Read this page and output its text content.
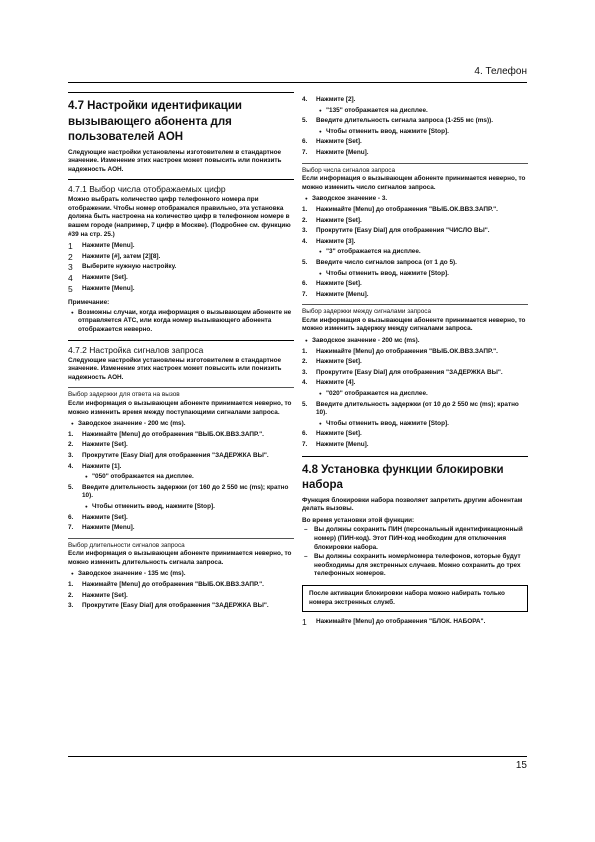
4. Телефон
4.7 Настройки идентификации вызывающего абонента для пользователей АОН

Следующие настройки установлены изготовителем в стандартное значение. Изменение этих настроек может повысить или понизить надежность АОН.

4.7.1 Выбор числа отображаемых цифр

Можно выбрать количество цифр телефонного номера при отображении. Чтобы номер отображался правильно, эта установка должна быть настроена на количество цифр в телефонном номере в вашем городе (например, 7 цифр в Москве). (Подробнее см. функцию #39 на стр. 25.)

1 Нажмите [Menu].
2 Нажмите [#], затем [2][8].
3 Выберите нужную настройку.
4 Нажмите [Set].
5 Нажмите [Menu].
Примечание:
● Возможны случаи, когда информация о вызывающем абоненте не отправляется АТС, или когда номер вызывающего абонента отображается неверно.
4.7.2 Настройка сигналов запроса

Следующие настройки установлены изготовителем в стандартное значение. Изменение этих настроек может повысить или понизить надежность АОН.

Выбор задержки для ответа на вызов

Если информация о вызывающем абоненте принимается неверно, то можно изменить время между поступающими сигналами запроса.

● Заводское значение - 200 мс (ms).
1. Нажимайте [Menu] до отображения "ВЫБ.ОК.ВВЗ.ЗАПР.".
2. Нажмите [Set].
3. Прокрутите [Easy Dial] для отображения "ЗАДЕРЖКА ВЫ".
4. Нажмите [1].
● "050" отображается на дисплее.
5. Введите длительность задержки (от 160 до 2 550 мс (ms); кратно 10).
● Чтобы отменить ввод, нажмите [Stop].
6. Нажмите [Set].
7. Нажмите [Menu].
Выбор длительности сигналов запроса

Если информация о вызывающем абоненте принимается неверно, то можно изменить длительность сигнала запроса.

● Заводское значение - 135 мс (ms).
1. Нажимайте [Menu] до отображения "ВЫБ.ОК.ВВЗ.ЗАПР.".
2. Нажмите [Set].
3. Прокрутите [Easy Dial] для отображения "ЗАДЕРЖКА ВЫ".
4. Нажмите [2].
● "135" отображается на дисплее.
5. Введите длительность сигнала запроса (1-255 мс (ms)).
● Чтобы отменить ввод, нажмите [Stop].
6. Нажмите [Set].
7. Нажмите [Menu].
Выбор числа сигналов запроса

Если информация о вызывающем абоненте принимается неверно, то можно изменить число сигналов запроса.

● Заводское значение - 3.
1. Нажимайте [Menu] до отображения "ВЫБ.ОК.ВВЗ.ЗАПР.".
2. Нажмите [Set].
3. Прокрутите [Easy Dial] для отображения "ЧИСЛО ВЫ".
4. Нажмите [3].
● "3" отображается на дисплее.
5. Введите число сигналов запроса (от 1 до 5).
● Чтобы отменить ввод, нажмите [Stop].
6. Нажмите [Set].
7. Нажмите [Menu].
Выбор задержки между сигналами запроса

Если информация о вызывающем абоненте принимается неверно, то можно изменить задержку между сигналами запроса.

● Заводское значение - 200 мс (ms).
1. Нажимайте [Menu] до отображения "ВЫБ.ОК.ВВЗ.ЗАПР.".
2. Нажмите [Set].
3. Прокрутите [Easy Dial] для отображения "ЗАДЕРЖКА ВЫ".
4. Нажмите [4].
● "020" отображается на дисплее.
5. Введите длительность задержки (от 10 до 2 550 мс (ms); кратно 10).
● Чтобы отменить ввод, нажмите [Stop].
6. Нажмите [Set].
7. Нажмите [Menu].
4.8 Установка функции блокировки набора

Функция блокировки набора позволяет запретить другим абонентам делать вызовы.

Во время установки этой функции:
– Вы должны сохранить ПИН (персональный идентификационный номер) (ПИН-код). Этот ПИН-код необходим для отключения блокировки набора.
– Вы должны сохранить номер/номера телефонов, которые будут необходимы для экстренных случаев. Можно сохранить до трех телефонных номеров.
После активации блокировки набора можно набирать только номера экстренных служб.
1 Нажимайте [Menu] до отображения "БЛОК. НАБОРА".
15
